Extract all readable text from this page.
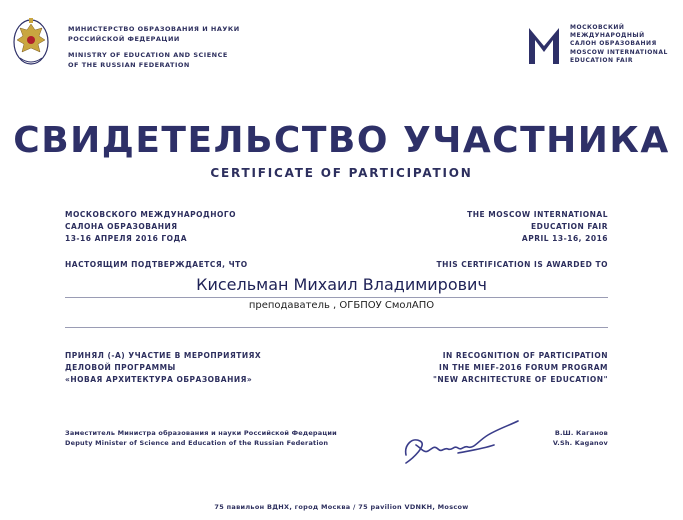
МИНИСТЕРСТВО ОБРАЗОВАНИЯ И НАУКИ
РОССИЙСКОЙ ФЕДЕРАЦИИ
MINISTRY OF EDUCATION AND SCIENCE
OF THE RUSSIAN FEDERATION
МОСКОВСКИЙ
МЕЖДУНАРОДНЫЙ
САЛОН ОБРАЗОВАНИЯ
MOSCOW INTERNATIONAL
EDUCATION FAIR
СВИДЕТЕЛЬСТВО УЧАСТНИКА
CERTIFICATE OF PARTICIPATION
МОСКОВСКОГО МЕЖДУНАРОДНОГО
САЛОНА ОБРАЗОВАНИЯ
13-16 АПРЕЛЯ 2016 ГОДА
THE MOSCOW INTERNATIONAL
EDUCATION FAIR
APRIL 13-16, 2016
НАСТОЯЩИМ ПОДТВЕРЖДАЕТСЯ, ЧТО	THIS CERTIFICATION IS AWARDED TO
Кисельман Михаил Владимирович
преподаватель , ОГБПОУ СмолАПО
ПРИНЯЛ (-А) УЧАСТИЕ В МЕРОПРИЯТИЯХ
ДЕЛОВОЙ ПРОГРАММЫ
«НОВАЯ АРХИТЕКТУРА ОБРАЗОВАНИЯ»
IN RECOGNITION OF PARTICIPATION
IN THE MIEF-2016 FORUM PROGRAM
"NEW ARCHITECTURE OF EDUCATION"
Заместитель Министра образования и науки Российской Федерации
Deputy Minister of Science and Education of the Russian Federation
В.Ш. Каганов
V.Sh. Kaganov
75 павильон ВДНХ, город Москва / 75 pavilion VDNKH, Moscow
